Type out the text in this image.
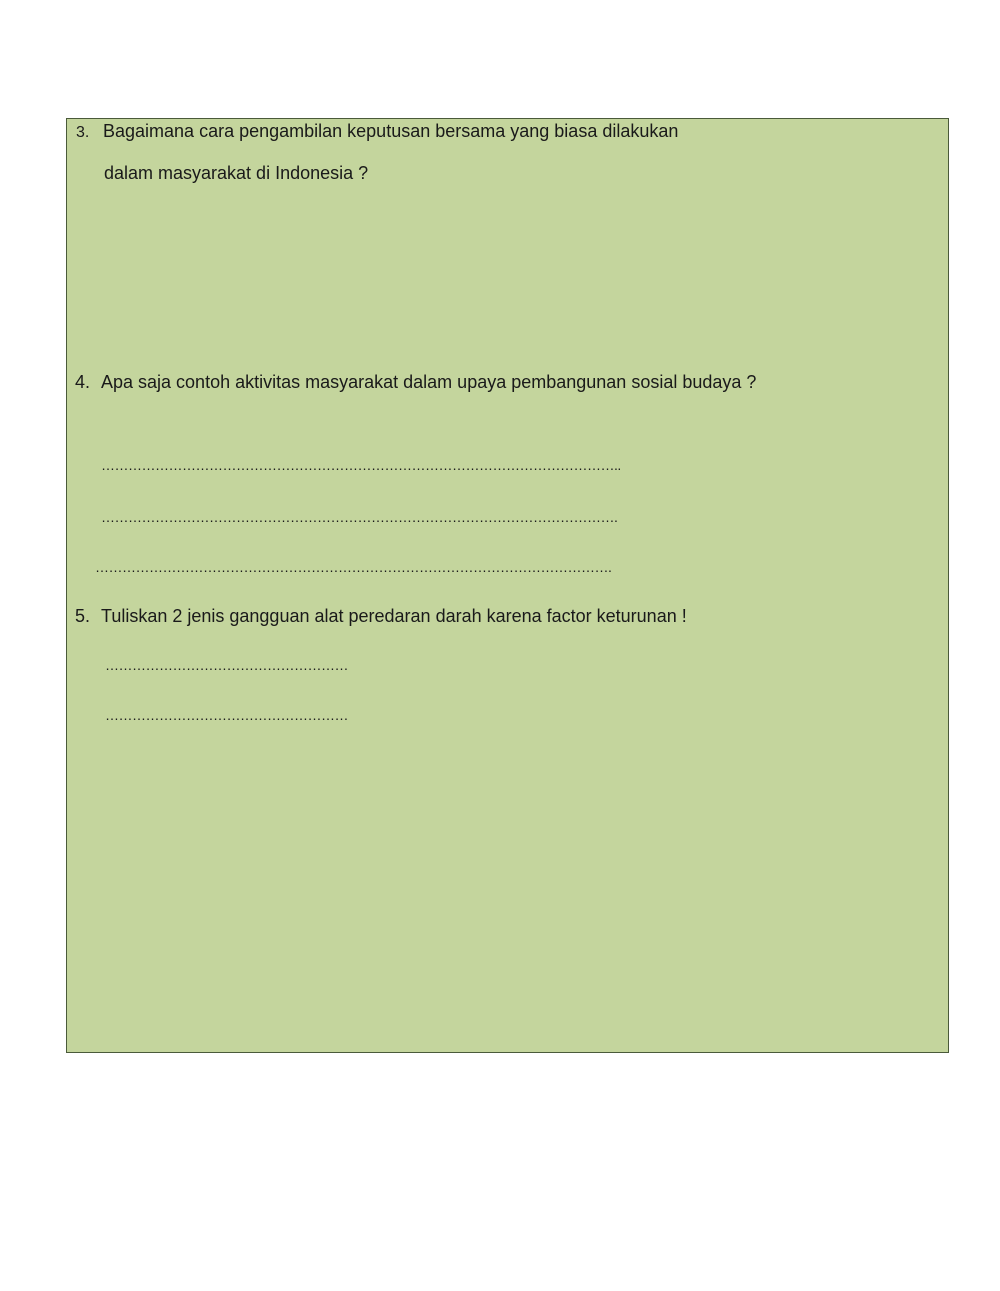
3. Bagaimana cara pengambilan keputusan bersama yang biasa dilakukan
dalam masyarakat di Indonesia ?
4. Apa saja contoh aktivitas masyarakat dalam upaya pembangunan sosial budaya ?
……………………………………………………………………………………………………..
…………………………………………………………………………………………………….
…………………………………………………………………………………………………….
5. Tuliskan 2 jenis gangguan alat peredaran darah karena factor keturunan !
………………………………………………
………………………………………………
